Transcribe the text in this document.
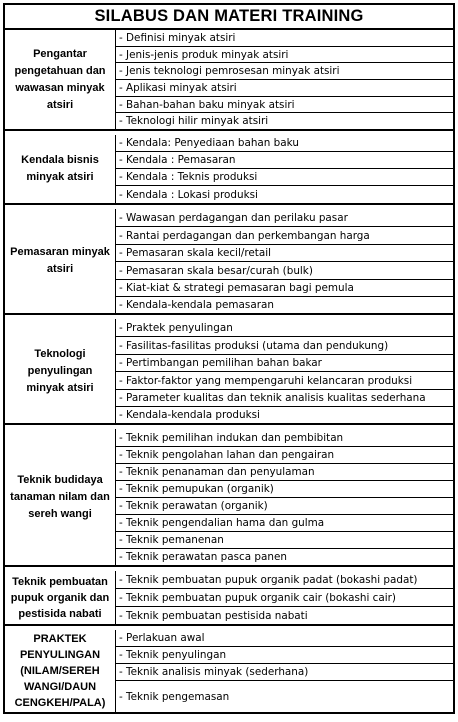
SILABUS DAN MATERI TRAINING
Pengantar pengetahuan dan wawasan minyak atsiri
- Definisi minyak atsiri
- Jenis-jenis produk minyak atsiri
- Jenis teknologi pemrosesan minyak atsiri
- Aplikasi minyak atsiri
- Bahan-bahan baku minyak atsiri
- Teknologi hilir minyak atsiri
Kendala bisnis minyak atsiri
- Kendala: Penyediaan bahan baku
- Kendala : Pemasaran
- Kendala : Teknis produksi
- Kendala : Lokasi produksi
Pemasaran minyak atsiri
- Wawasan perdagangan dan perilaku pasar
- Rantai perdagangan dan perkembangan harga
- Pemasaran skala kecil/retail
- Pemasaran skala besar/curah (bulk)
- Kiat-kiat & strategi pemasaran bagi pemula
- Kendala-kendala pemasaran
Teknologi penyulingan minyak atsiri
- Praktek penyulingan
- Fasilitas-fasilitas produksi (utama dan pendukung)
- Pertimbangan pemilihan bahan bakar
- Faktor-faktor yang mempengaruhi kelancaran produksi
- Parameter kualitas dan teknik analisis kualitas sederhana
- Kendala-kendala produksi
Teknik budidaya tanaman nilam dan sereh wangi
- Teknik pemilihan indukan dan pembibitan
- Teknik pengolahan lahan dan pengairan
- Teknik penanaman dan penyulaman
- Teknik pemupukan (organik)
- Teknik perawatan (organik)
- Teknik pengendalian hama dan gulma
- Teknik pemanenan
- Teknik perawatan pasca panen
Teknik pembuatan pupuk organik dan pestisida nabati
- Teknik pembuatan pupuk organik padat (bokashi padat)
- Teknik pembuatan pupuk organik cair (bokashi cair)
- Teknik pembuatan pestisida nabati
PRAKTEK PENYULINGAN (NILAM/SEREH WANGI/DAUN CENGKEH/PALA)
- Perlakuan awal
- Teknik penyulingan
- Teknik analisis minyak (sederhana)
- Teknik pengemasan
